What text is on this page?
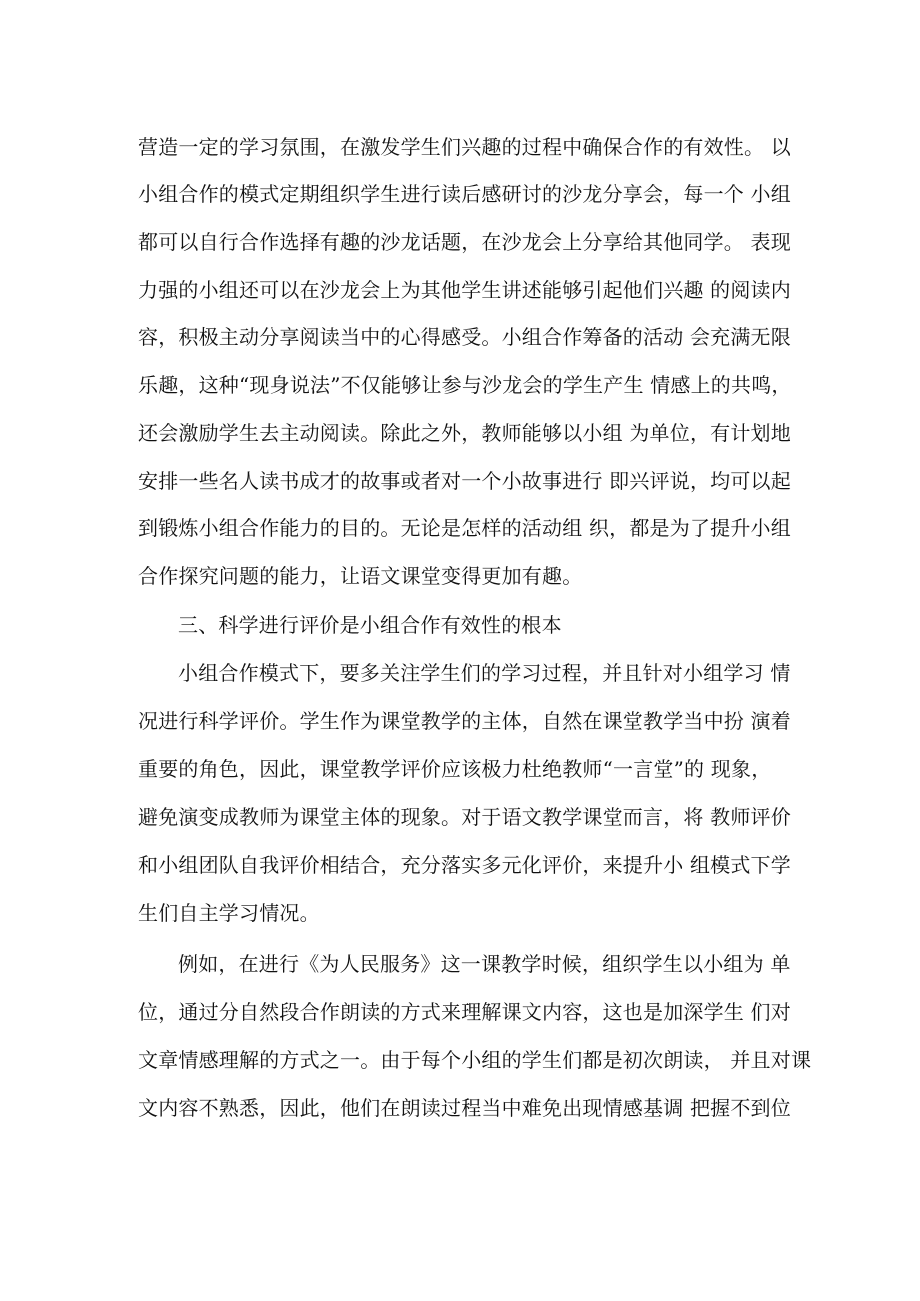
营造一定的学习氛围，在激发学生们兴趣的过程中确保合作的有效性。 以
小组合作的模式定期组织学生进行读后感研讨的沙龙分享会，每一个 小组
都可以自行合作选择有趣的沙龙话题，在沙龙会上分享给其他同学。 表现
力强的小组还可以在沙龙会上为其他学生讲述能够引起他们兴趣 的阅读内
容，积极主动分享阅读当中的心得感受。小组合作筹备的活动 会充满无限
乐趣，这种“现身说法”不仅能够让参与沙龙会的学生产生 情感上的共鸣，
还会激励学生去主动阅读。除此之外，教师能够以小组 为单位，有计划地
安排一些名人读书成才的故事或者对一个小故事进行 即兴评说，均可以起
到锻炼小组合作能力的目的。无论是怎样的活动组 织，都是为了提升小组
合作探究问题的能力，让语文课堂变得更加有趣。
三、科学进行评价是小组合作有效性的根本
小组合作模式下，要多关注学生们的学习过程，并且针对小组学习 情
况进行科学评价。学生作为课堂教学的主体，自然在课堂教学当中扮 演着
重要的角色，因此，课堂教学评价应该极力杜绝教师“一言堂”的 现象，
避免演变成教师为课堂主体的现象。对于语文教学课堂而言，将 教师评价
和小组团队自我评价相结合，充分落实多元化评价，来提升小 组模式下学
生们自主学习情况。
例如，在进行《为人民服务》这一课教学时候，组织学生以小组为 单
位，通过分自然段合作朗读的方式来理解课文内容，这也是加深学生 们对
文章情感理解的方式之一。由于每个小组的学生们都是初次朗读， 并且对课
文内容不熟悉，因此，他们在朗读过程当中难免出现情感基调 把握不到位
